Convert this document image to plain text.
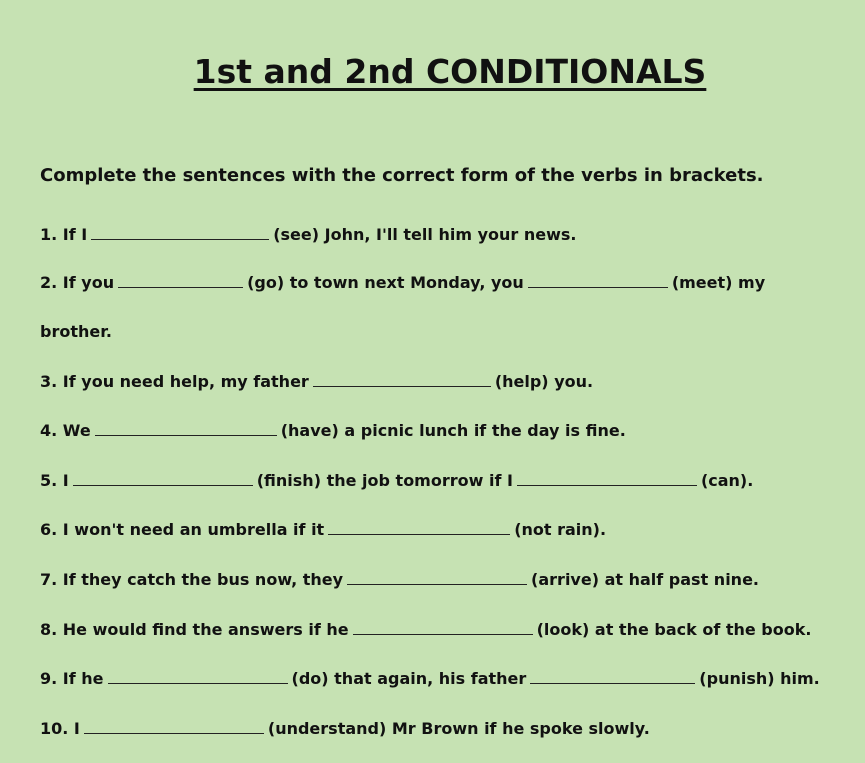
1st and 2nd CONDITIONALS
Complete the sentences with the correct form of the verbs in brackets.
1. If I	(see) John, I'll tell him your news.
2. If you	(go) to town next Monday, you	(meet) my
brother.
3. If you need help, my father	(help) you.
4. We	(have) a picnic lunch if the day is fine.
5. I	(finish) the job tomorrow if I	(can).
6. I won't need an umbrella if it	(not rain).
7. If they catch the bus now, they	(arrive) at half past nine.
8. He would find the answers if he	(look) at the back of the book.
9. If he	(do) that again, his father	(punish) him.
10. I	(understand) Mr Brown if he spoke slowly.
